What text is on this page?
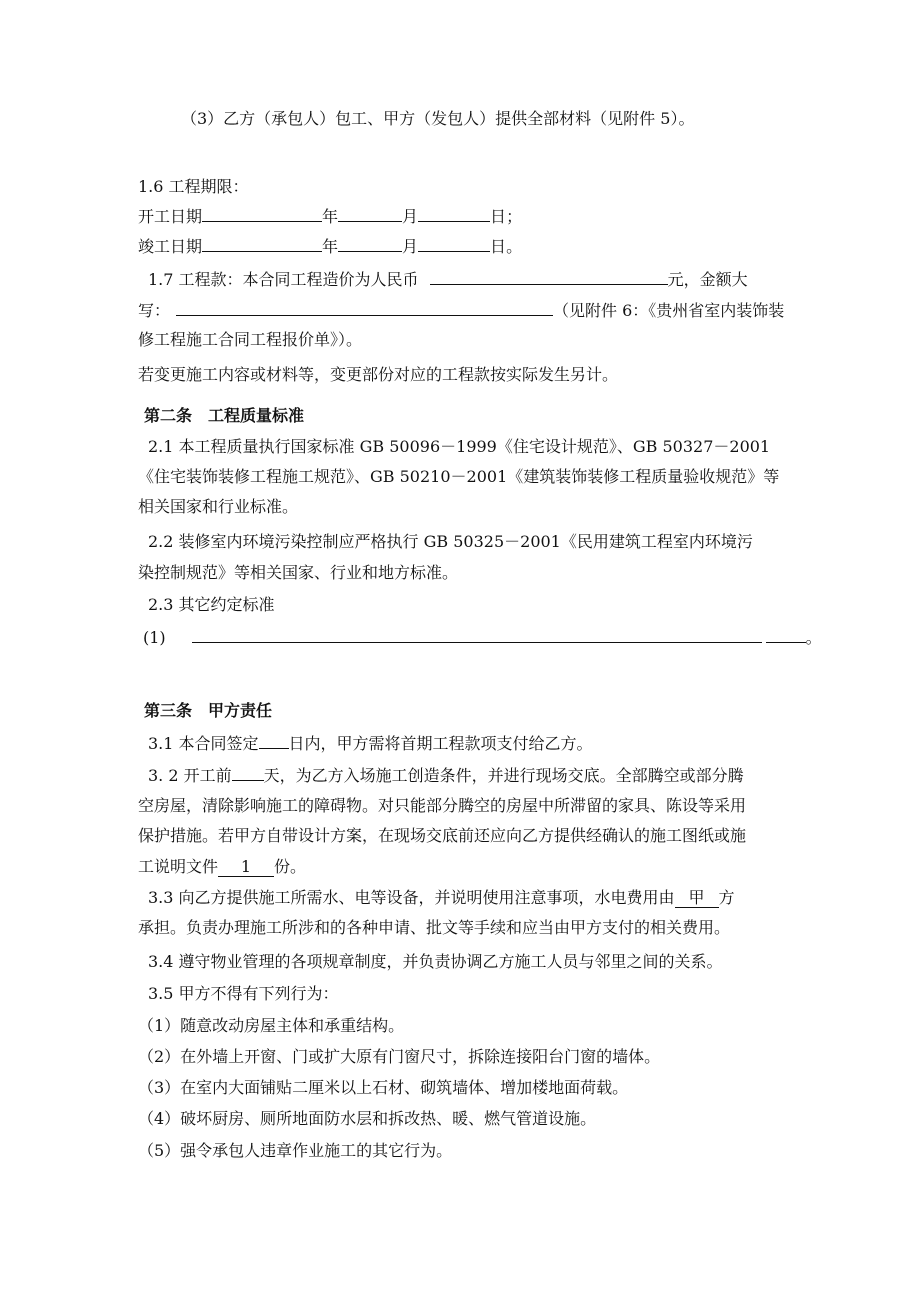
（3）乙方（承包人）包工、甲方（发包人）提供全部材料（见附件 5）。
1.6 工程期限：
开工日期	年	月	日；
竣工日期	年	月	日。
1.7 工程款：本合同工程造价为人民币	元，金额大
写：	（见附件 6：《贵州省室内装饰装
修工程施工合同工程报价单》）。
若变更施工内容或材料等，变更部份对应的工程款按实际发生另计。
第二条　工程质量标准
2.1 本工程质量执行国家标准 GB 50096－1999《住宅设计规范》、GB 50327－2001
《住宅装饰装修工程施工规范》、GB 50210－2001《建筑装饰装修工程质量验收规范》等
相关国家和行业标准。
2.2 装修室内环境污染控制应严格执行 GB 50325－2001《民用建筑工程室内环境污
染控制规范》等相关国家、行业和地方标准。
2.3 其它约定标准
(1)	。
第三条　甲方责任
3.1 本合同签定 日内，甲方需将首期工程款项支付给乙方。
3. 2 开工前 天，为乙方入场施工创造条件，并进行现场交底。全部腾空或部分腾
空房屋，清除影响施工的障碍物。对只能部分腾空的房屋中所滞留的家具、陈设等采用
保护措施。若甲方自带设计方案，在现场交底前还应向乙方提供经确认的施工图纸或施
工说明文件 1 份。
3.3 向乙方提供施工所需水、电等设备，并说明使用注意事项，水电费用由 甲 方
承担。负责办理施工所涉和的各种申请、批文等手续和应当由甲方支付的相关费用。
3.4 遵守物业管理的各项规章制度，并负责协调乙方施工人员与邻里之间的关系。
3.5 甲方不得有下列行为：
（1）随意改动房屋主体和承重结构。
（2）在外墙上开窗、门或扩大原有门窗尺寸，拆除连接阳台门窗的墙体。
（3）在室内大面铺贴二厘米以上石材、砌筑墙体、增加楼地面荷载。
（4）破坏厨房、厕所地面防水层和拆改热、暖、燃气管道设施。
（5）强令承包人违章作业施工的其它行为。
